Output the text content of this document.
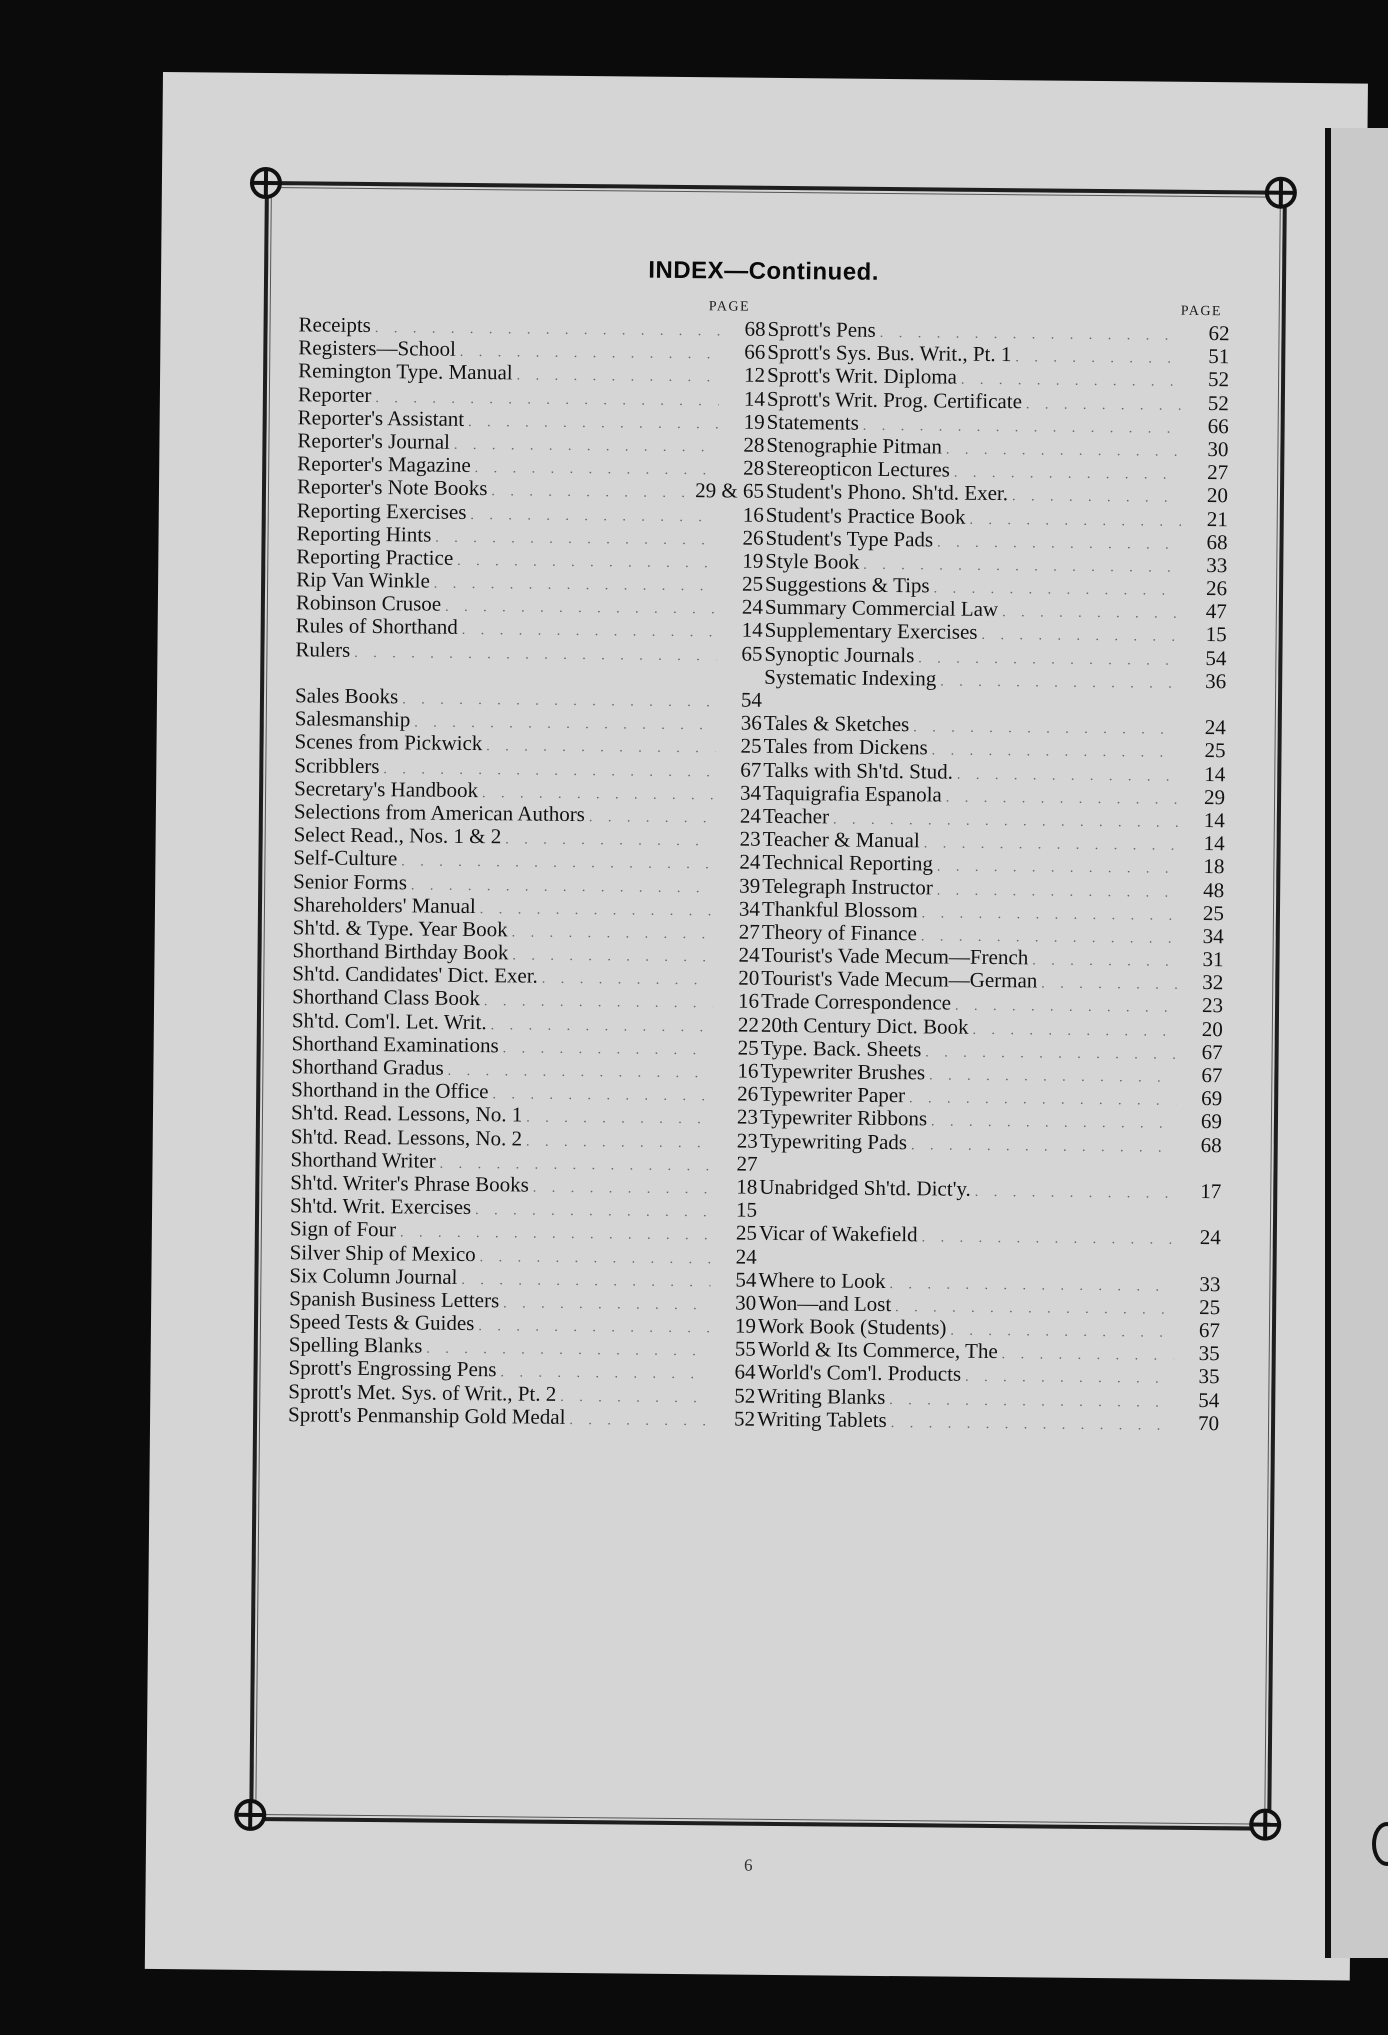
INDEX—Continued.
PAGE	PAGE
Receipts . . .	68
Registers—School . . .	66
Remington Type. Manual . . .	12
Reporter . . .	14
Reporter's Assistant . . .	19
Reporter's Journal . . .	28
Reporter's Magazine . . .	28
Reporter's Note Books . . .	29 & 65
Reporting Exercises . . .	16
Reporting Hints . . .	26
Reporting Practice . . .	19
Rip Van Winkle . . .	25
Robinson Crusoe . . .	24
Rules of Shorthand . . .	14
Rulers . . .	65
Sales Books . . .	54
Salesmanship . . .	36
Scenes from Pickwick . . .	25
Scribblers . . .	67
Secretary's Handbook . . .	34
Selections from American Authors . . .	24
Select Read., Nos. 1 & 2 . . .	23
Self-Culture . . .	24
Senior Forms . . .	39
Shareholders' Manual . . .	34
Sh'td. & Type. Year Book . . .	27
Shorthand Birthday Book . . .	24
Sh'td. Candidates' Dict. Exer. . . .	20
Shorthand Class Book . . .	16
Sh'td. Com'l. Let. Writ. . . .	22
Shorthand Examinations . . .	25
Shorthand Gradus . . .	16
Shorthand in the Office . . .	26
Sh'td. Read. Lessons, No. 1 . . .	23
Sh'td. Read. Lessons, No. 2 . . .	23
Shorthand Writer . . .	27
Sh'td. Writer's Phrase Books . . .	18
Sh'td. Writ. Exercises . . .	15
Sign of Four . . .	25
Silver Ship of Mexico . . .	24
Six Column Journal . . .	54
Spanish Business Letters . . .	30
Speed Tests & Guides . . .	19
Spelling Blanks . . .	55
Sprott's Engrossing Pens . . .	64
Sprott's Met. Sys. of Writ., Pt. 2 . . .	52
Sprott's Penmanship Gold Medal . . .	52
Sprott's Pens . . .	62
Sprott's Sys. Bus. Writ., Pt. 1 . . .	51
Sprott's Writ. Diploma . . .	52
Sprott's Writ. Prog. Certificate . . .	52
Statements . . .	66
Stenographie Pitman . . .	30
Stereopticon Lectures . . .	27
Student's Phono. Sh'td. Exer. . . .	20
Student's Practice Book . . .	21
Student's Type Pads . . .	68
Style Book . . .	33
Suggestions & Tips . . .	26
Summary Commercial Law . . .	47
Supplementary Exercises . . .	15
Synoptic Journals . . .	54
Systematic Indexing . . .	36
Tales & Sketches . . .	24
Tales from Dickens . . .	25
Talks with Sh'td. Stud. . . .	14
Taquigrafia Espanola . . .	29
Teacher . . .	14
Teacher & Manual . . .	14
Technical Reporting . . .	18
Telegraph Instructor . . .	48
Thankful Blossom . . .	25
Theory of Finance . . .	34
Tourist's Vade Mecum—French . . .	31
Tourist's Vade Mecum—German . . .	32
Trade Correspondence . . .	23
20th Century Dict. Book . . .	20
Type. Back. Sheets . . .	67
Typewriter Brushes . . .	67
Typewriter Paper . . .	69
Typewriter Ribbons . . .	69
Typewriting Pads . . .	68
Unabridged Sh'td. Dict'y. . . .	17
Vicar of Wakefield . . .	24
Where to Look . . .	33
Won—and Lost . . .	25
Work Book (Students) . . .	67
World & Its Commerce, The . . .	35
World's Com'l. Products . . .	35
Writing Blanks . . .	54
Writing Tablets . . .	70
6
